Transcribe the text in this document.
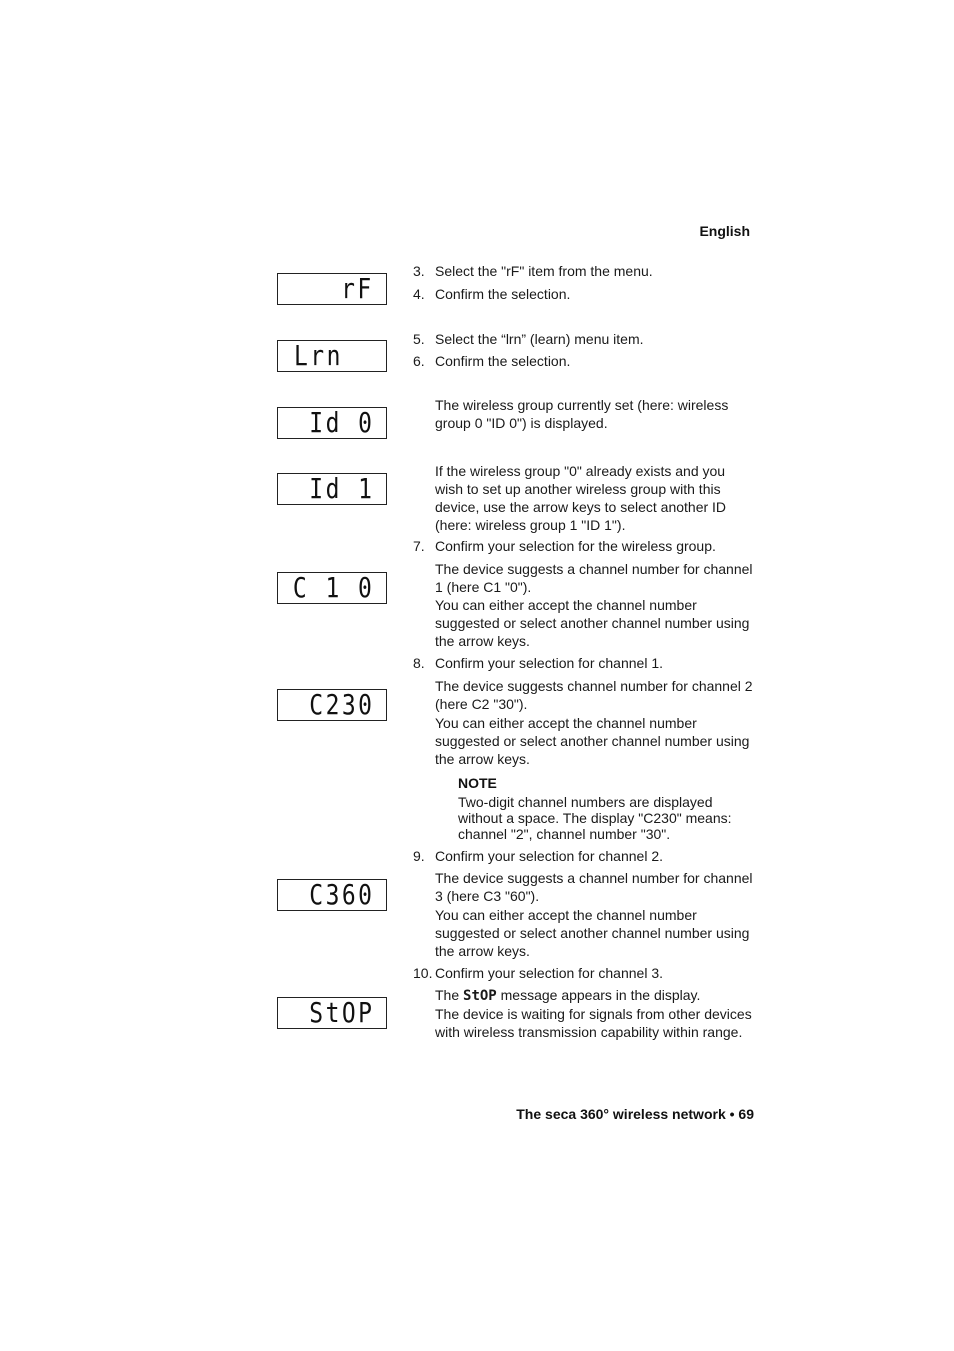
English
rF
Lrn
Id 0
Id 1
C 1 0
C230
C360
StOP
3. Select the "rF" item from the menu.
4. Confirm the selection.
5. Select the “lrn” (learn) menu item.
6. Confirm the selection.
The wireless group currently set (here: wireless group 0 "ID 0") is displayed.
If the wireless group "0" already exists and you wish to set up another wireless group with this device, use the arrow keys to select another ID (here: wireless group 1 "ID 1").
7. Confirm your selection for the wireless group.
The device suggests a channel number for channel 1 (here C1 "0").
You can either accept the channel number suggested or select another channel number using the arrow keys.
8. Confirm your selection for channel 1.
The device suggests channel number for channel 2 (here C2 "30").
You can either accept the channel number suggested or select another channel number using the arrow keys.
NOTE
Two-digit channel numbers are displayed without a space. The display "C230" means: channel "2", channel number "30".
9. Confirm your selection for channel 2.
The device suggests a channel number for channel 3 (here C3 "60").
You can either accept the channel number suggested or select another channel number using the arrow keys.
10. Confirm your selection for channel 3.
The StOP message appears in the display.
The device is waiting for signals from other devices with wireless transmission capability within range.
The seca 360° wireless network • 69
